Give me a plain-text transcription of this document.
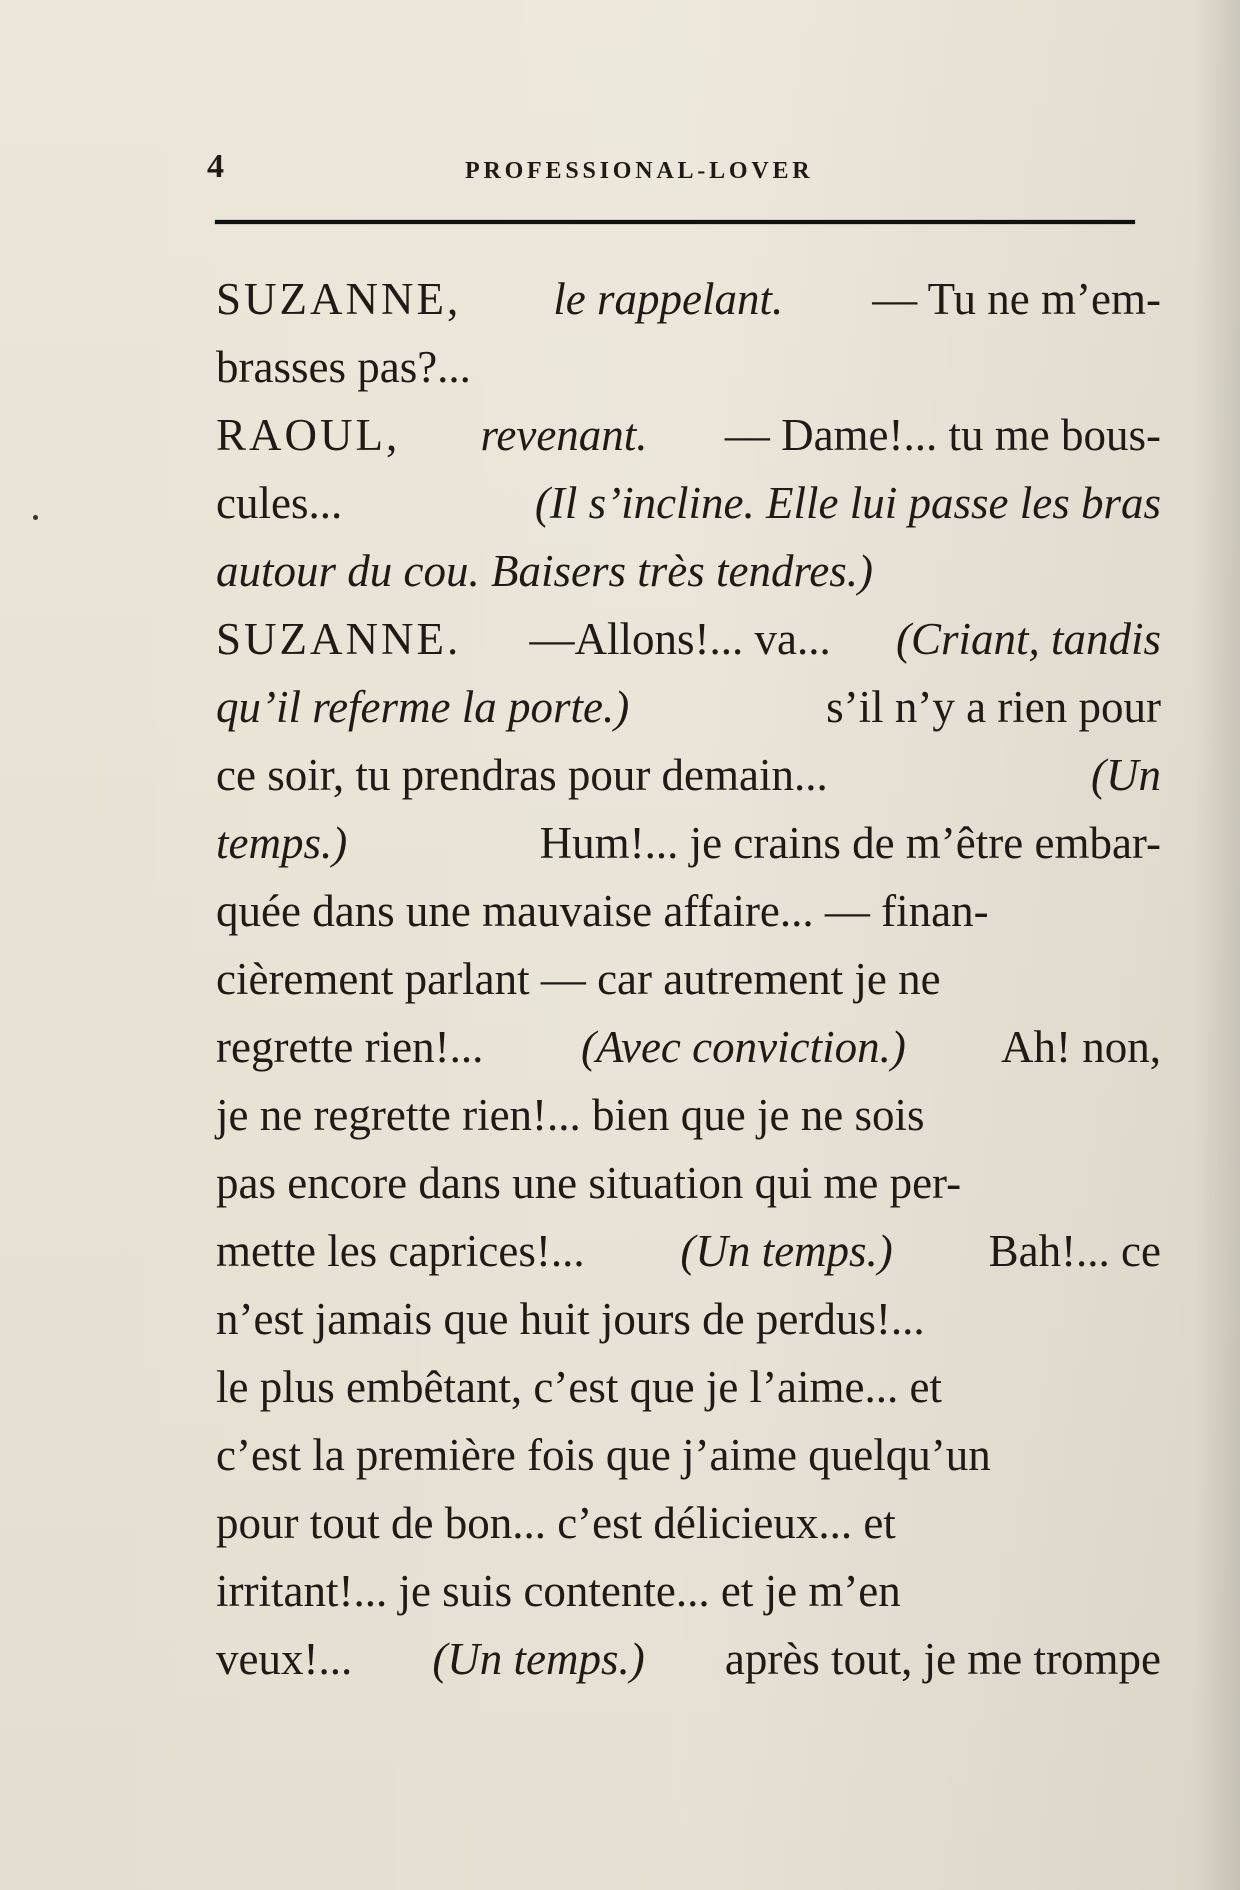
4	PROFESSIONAL-LOVER
SUZANNE, le rappelant. — Tu ne m’em-
brasses pas?...
RAOUL, revenant. — Dame!... tu me bous-
cules...	(Il s’incline. Elle lui passe les bras
autour du cou. Baisers très tendres.)
SUZANNE. —Allons!... va... (Criant, tandis
qu’il referme la porte.)	s’il n’y a rien pour
ce soir, tu prendras pour demain...	(Un
temps.)	Hum!... je crains de m’être embar-
quée dans une mauvaise affaire... — finan-
cièrement parlant — car autrement je ne
regrette rien!... (Avec conviction.) Ah! non,
je ne regrette rien!... bien que je ne sois
pas encore dans une situation qui me per-
mette les caprices!... (Un temps.) Bah!... ce
n’est jamais que huit jours de perdus!...
le plus embêtant, c’est que je l’aime... et
c’est la première fois que j’aime quelqu’un
pour tout de bon... c’est délicieux... et
irritant!... je suis contente... et je m’en
veux!... (Un temps.) après tout, je me trompe
